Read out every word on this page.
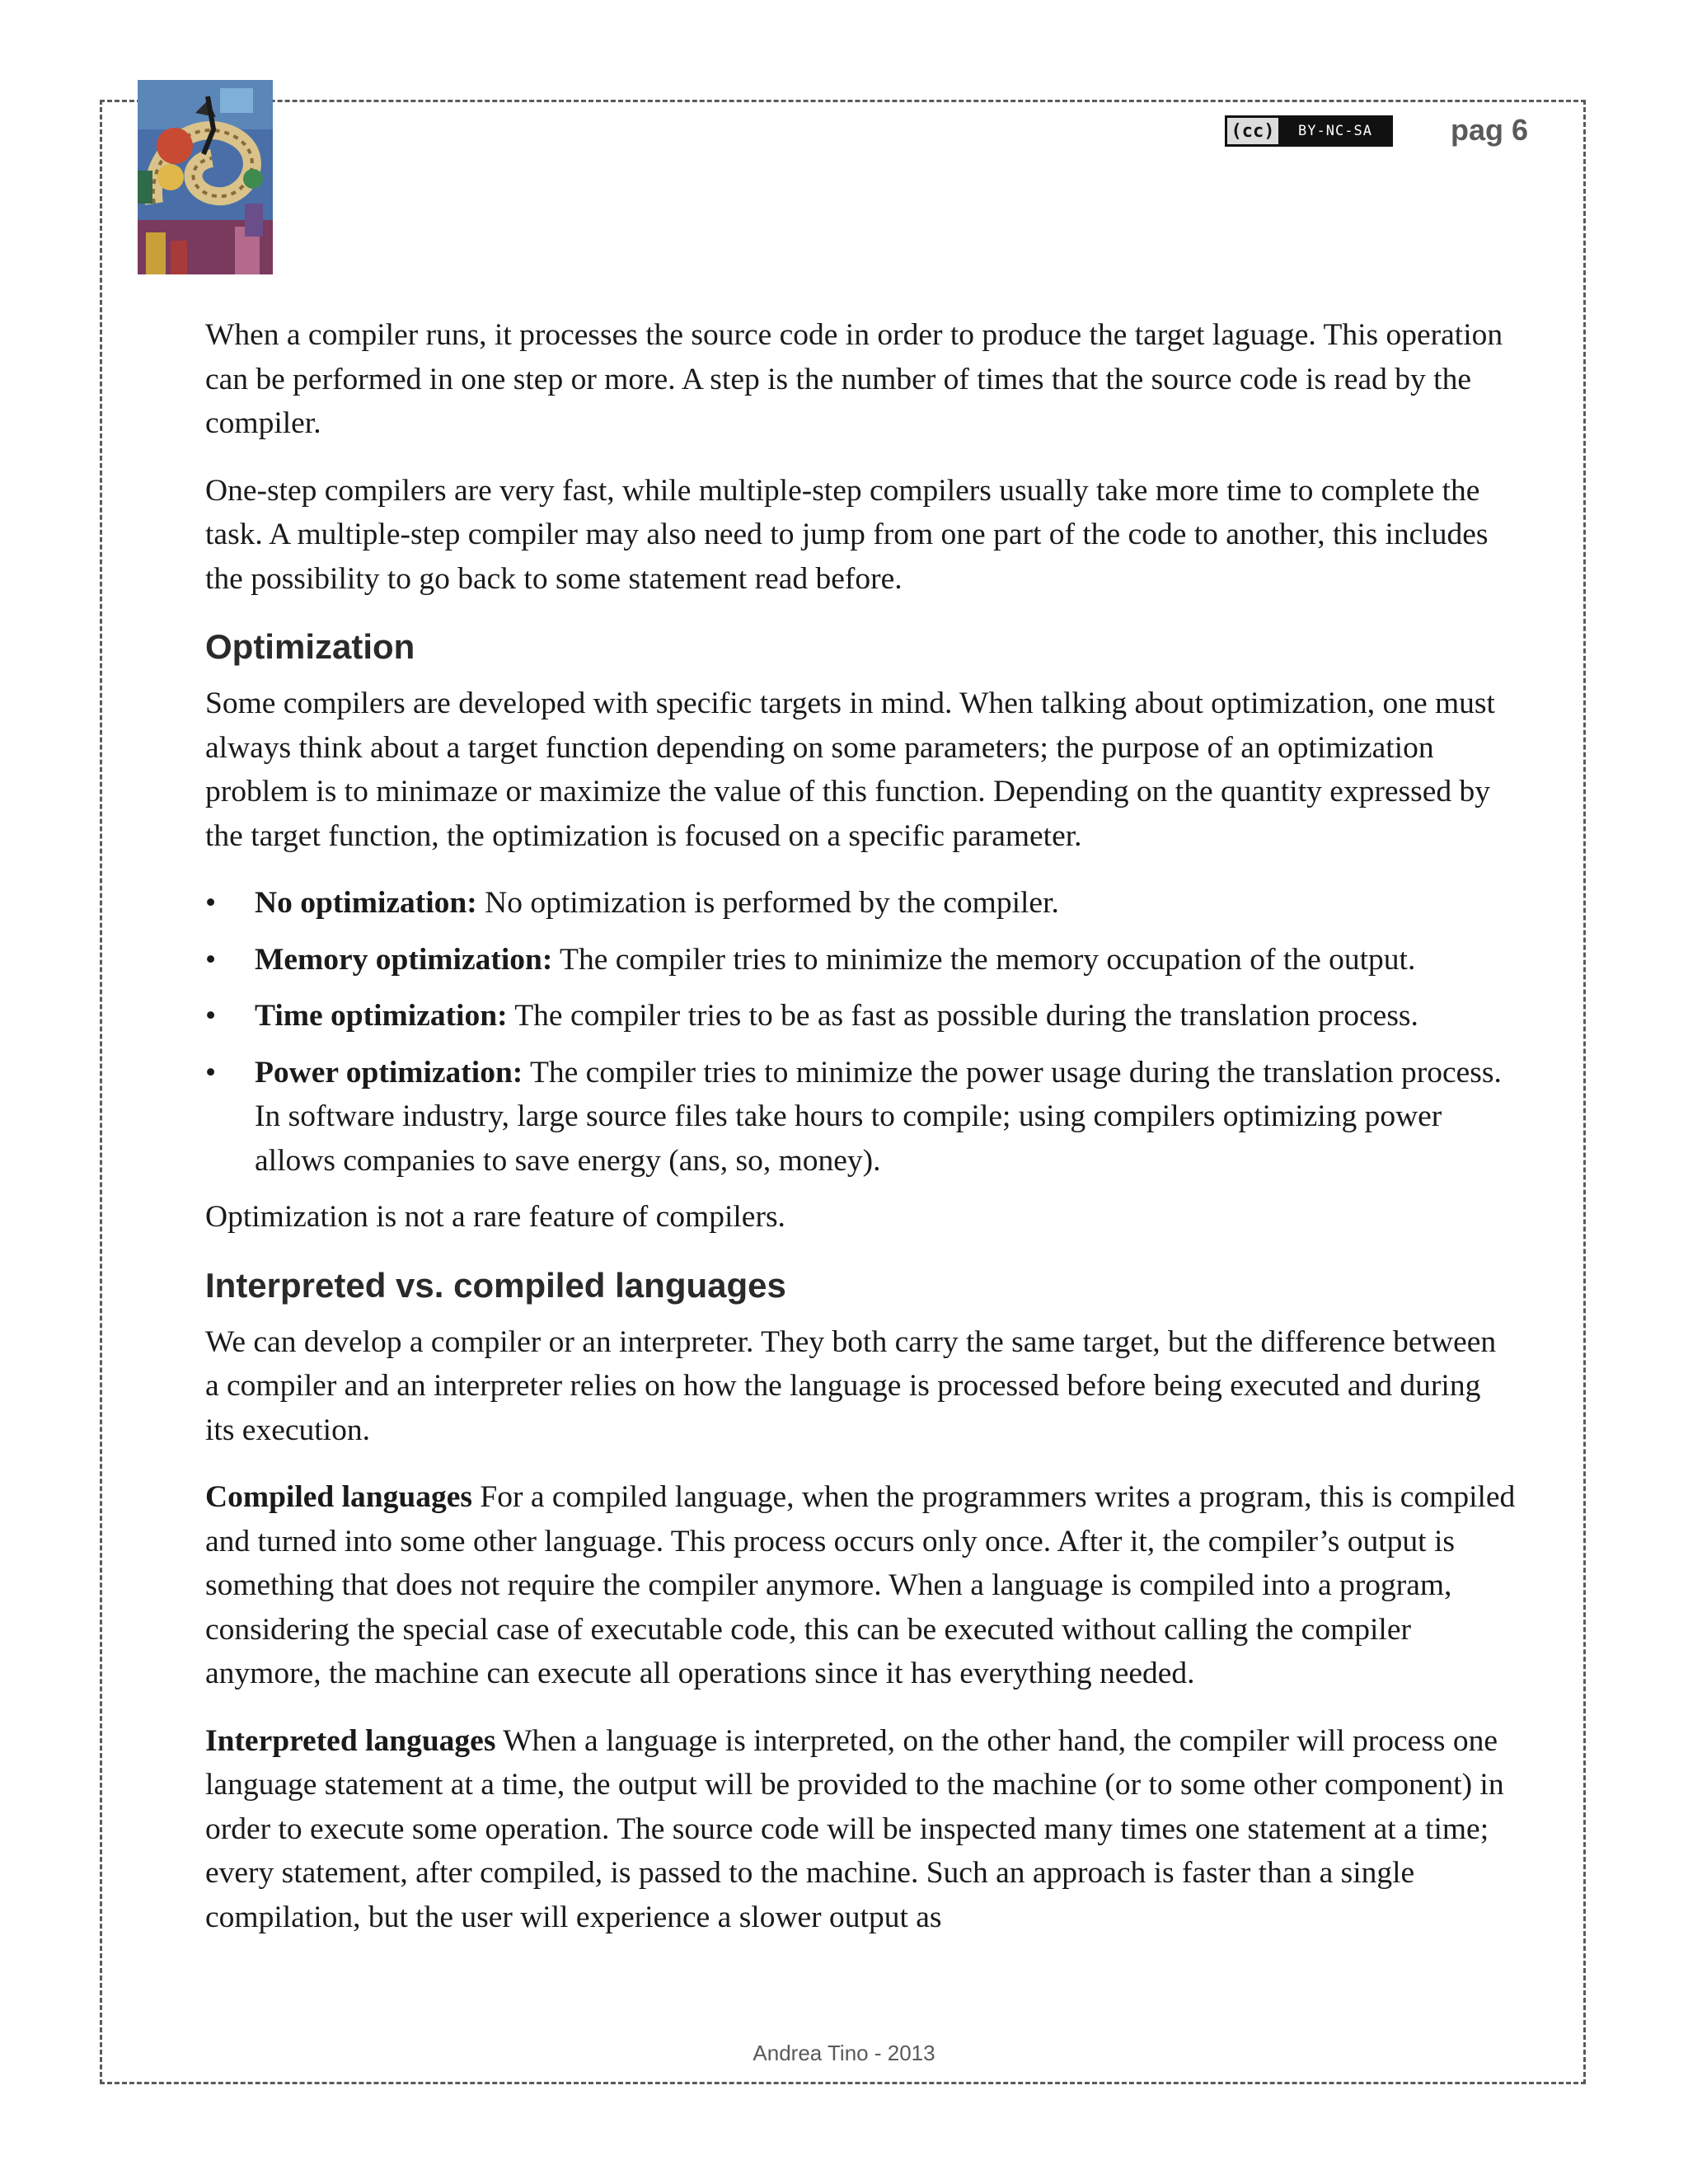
(cc)	BY-NC-SA	pag 6

When a compiler runs, it processes the source code in order to produce the target laguage. This operation can be performed in one step or more. A step is the number of times that the source code is read by the compiler.

One-step compilers are very fast, while multiple-step compilers usually take more time to complete the task. A multiple-step compiler may also need to jump from one part of the code to another, this includes the possibility to go back to some statement read before.

Optimization

Some compilers are developed with specific targets in mind. When talking about optimization, one must always think about a target function depending on some parameters; the purpose of an optimization problem is to minimaze or maximize the value of this function. Depending on the quantity expressed by the target function, the optimization is focused on a specific parameter.

• No optimization: No optimization is performed by the compiler.
• Memory optimization: The compiler tries to minimize the memory occupation of the output.
• Time optimization: The compiler tries to be as fast as possible during the translation process.
• Power optimization: The compiler tries to minimize the power usage during the translation process. In software industry, large source files take hours to compile; using compilers optimizing power allows companies to save energy (ans, so, money).

Optimization is not a rare feature of compilers.

Interpreted vs. compiled languages

We can develop a compiler or an interpreter. They both carry the same target, but the difference between a compiler and an interpreter relies on how the language is processed before being executed and during its execution.

Compiled languages For a compiled language, when the programmers writes a program, this is compiled and turned into some other language. This process occurs only once. After it, the compiler’s output is something that does not require the compiler anymore. When a language is compiled into a program, considering the special case of executable code, this can be executed without calling the compiler anymore, the machine can execute all operations since it has everything needed.

Interpreted languages When a language is interpreted, on the other hand, the compiler will process one language statement at a time, the output will be provided to the machine (or to some other component) in order to execute some operation. The source code will be inspected many times one statement at a time; every statement, after compiled, is passed to the machine. Such an approach is faster than a single compilation, but the user will experience a slower output as

Andrea Tino - 2013
